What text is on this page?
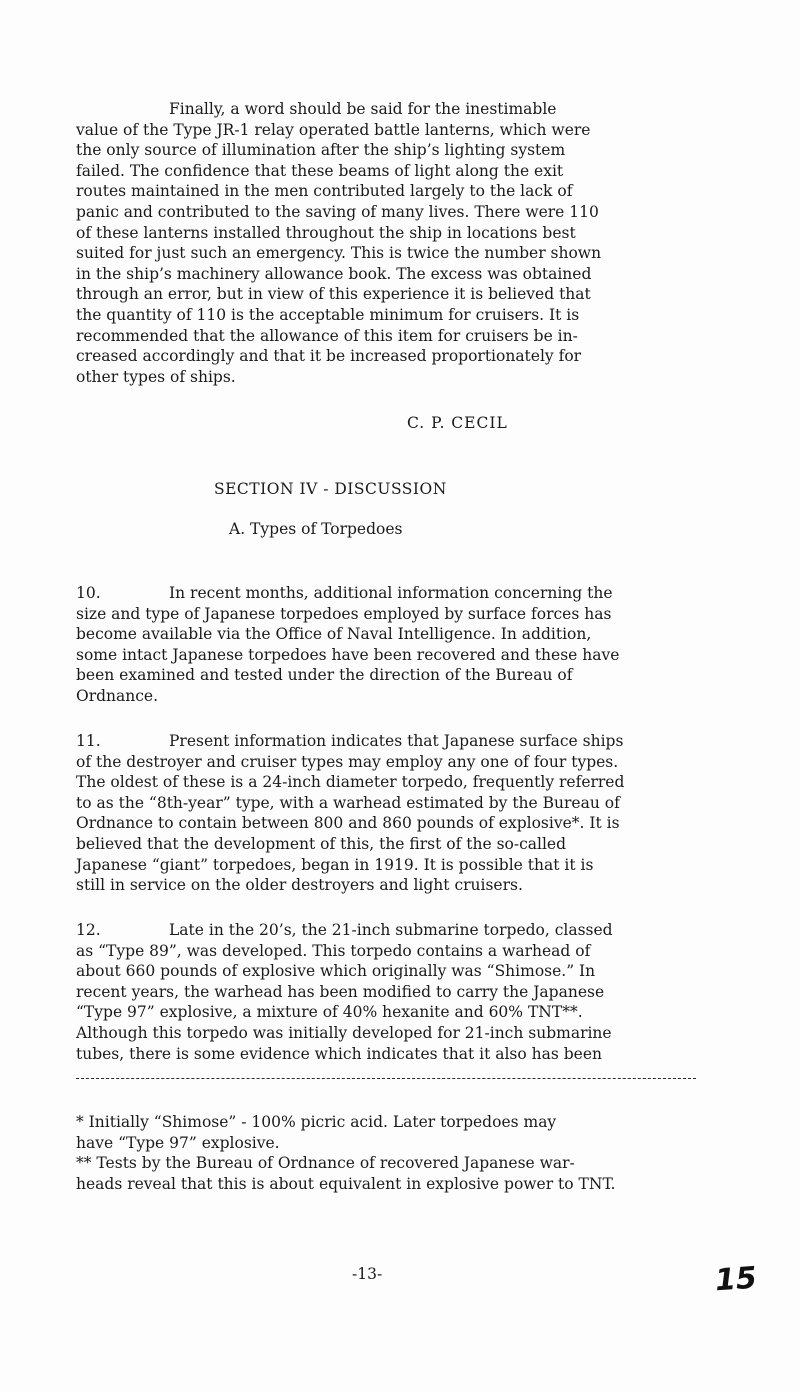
Finally, a word should be said for the inestimable
value of the Type JR-1 relay operated battle lanterns, which were
the only source of illumination after the ship’s lighting system
failed. The confidence that these beams of light along the exit
routes maintained in the men contributed largely to the lack of
panic and contributed to the saving of many lives. There were 110
of these lanterns installed throughout the ship in locations best
suited for just such an emergency. This is twice the number shown
in the ship’s machinery allowance book. The excess was obtained
through an error, but in view of this experience it is believed that
the quantity of 110 is the acceptable minimum for cruisers. It is
recommended that the allowance of this item for cruisers be in-
creased accordingly and that it be increased proportionately for
other types of ships.
C. P. CECIL
SECTION IV - DISCUSSION
A. Types of Torpedoes
10.	In recent months, additional information concerning the
size and type of Japanese torpedoes employed by surface forces has
become available via the Office of Naval Intelligence. In addition,
some intact Japanese torpedoes have been recovered and these have
been examined and tested under the direction of the Bureau of
Ordnance.
11.	Present information indicates that Japanese surface ships
of the destroyer and cruiser types may employ any one of four types.
The oldest of these is a 24-inch diameter torpedo, frequently referred
to as the “8th-year” type, with a warhead estimated by the Bureau of
Ordnance to contain between 800 and 860 pounds of explosive*. It is
believed that the development of this, the first of the so-called
Japanese “giant” torpedoes, began in 1919. It is possible that it is
still in service on the older destroyers and light cruisers.
12.	Late in the 20’s, the 21-inch submarine torpedo, classed
as “Type 89”, was developed. This torpedo contains a warhead of
about 660 pounds of explosive which originally was “Shimose.” In
recent years, the warhead has been modified to carry the Japanese
“Type 97” explosive, a mixture of 40% hexanite and 60% TNT**.
Although this torpedo was initially developed for 21-inch submarine
tubes, there is some evidence which indicates that it also has been
* Initially “Shimose” - 100% picric acid. Later torpedoes may
have “Type 97” explosive.
** Tests by the Bureau of Ordnance of recovered Japanese war-
heads reveal that this is about equivalent in explosive power to TNT.
-13-	15
